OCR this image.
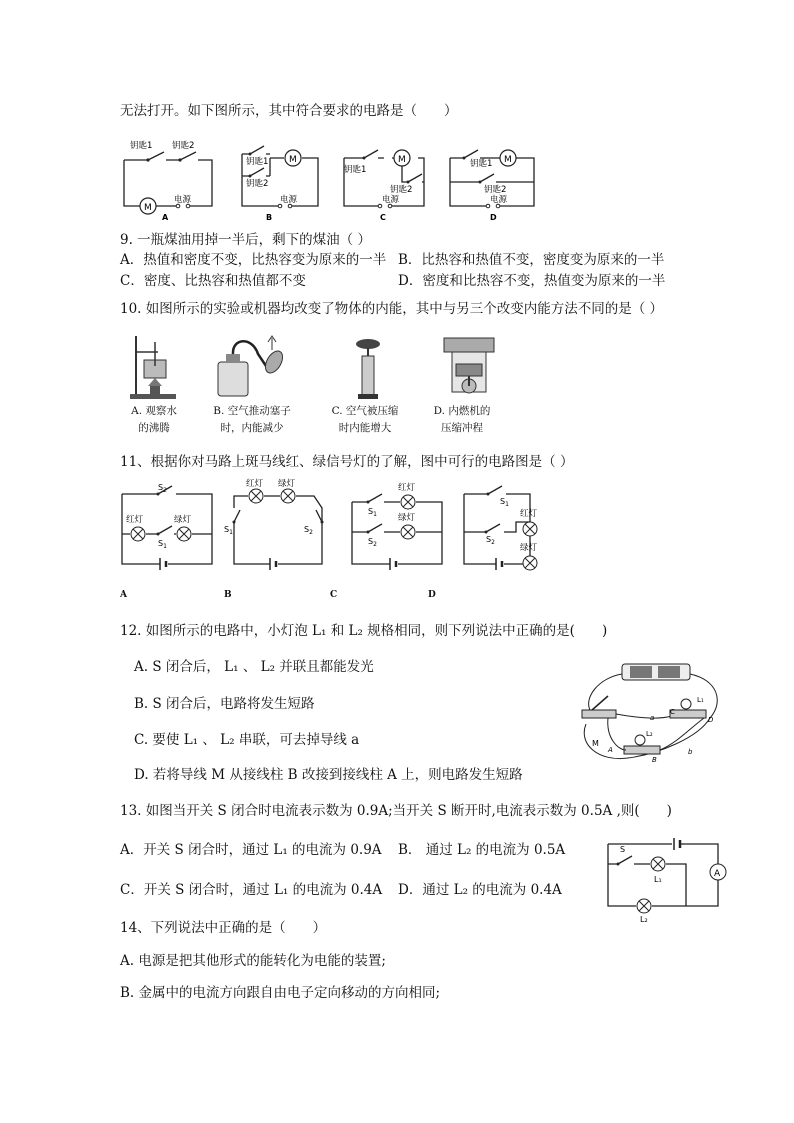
无法打开。如下图所示，其中符合要求的电路是（　　）
M
钥匙1 钥匙2
电源
A
M
钥匙1
钥匙2
电源
B
M
钥匙1
钥匙2
电源
C
M
钥匙1
钥匙2
电源
D
9. 一瓶煤油用掉一半后，剩下的煤油（ ）
A．热值和密度不变，比热容变为原来的一半 B．比热容和热值不变，密度变为原来的一半
C．密度、比热容和热值都不变	D．密度和比热容不变，热值变为原来的一半
10. 如图所示的实验或机器均改变了物体的内能，其中与另三个改变内能方法不同的是（ ）
A. 观察水
的沸腾
B. 空气推动塞子
时，内能减少
C. 空气被压缩
时内能增大
D. 内燃机的
压缩冲程
11、根据你对马路上斑马线红、绿信号灯的了解，图中可行的电路图是（ ）
$S_2$
$S_1$
红灯	绿灯
红灯 绿灯
$S_1$	$S_2$
$S_1$
$S_2$
红灯
绿灯
$S_1$
$S_2$
红灯
绿灯
A	B	C	D
12. 如图所示的电路中，小灯泡 L₁ 和 L₂ 规格相同，则下列说法中正确的是(　　)
A. S 闭合后， L₁ 、 L₂ 并联且都能发光
B. S 闭合后，电路将发生短路
C. 要使 L₁ 、 L₂ 串联，可去掉导线 a
D. 若将导线 M 从接线柱 B 改接到接线柱 A 上，则电路发生短路
L₁
L₂
C
D
a
b
M
A
B
13. 如图当开关 S 闭合时电流表示数为 0.9A;当开关 S 断开时,电流表示数为 0.5A ,则(　　)
A．开关 S 闭合时，通过 L₁ 的电流为 0.9A B． 通过 L₂ 的电流为 0.5A
C．开关 S 闭合时，通过 L₁ 的电流为 0.4A D．通过 L₂ 的电流为 0.4A
A
S
L₁
L₂
14、下列说法中正确的是（　　）
A. 电源是把其他形式的能转化为电能的装置;
B. 金属中的电流方向跟自由电子定向移动的方向相同;
